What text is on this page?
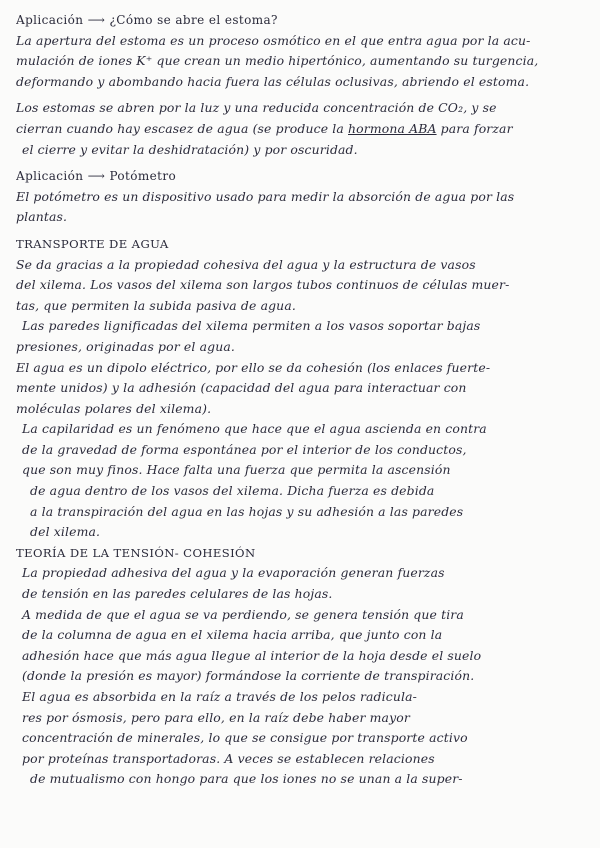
Aplicación ⟶ ¿Cómo se abre el estoma?
La apertura del estoma es un proceso osmótico en el que entra agua por la acu-
mulación de iones K⁺ que crean un medio hipertónico, aumentando su turgencia,
deformando y abombando hacia fuera las células oclusivas, abriendo el estoma.
Los estomas se abren por la luz y una reducida concentración de CO₂, y se
cierran cuando hay escasez de agua (se produce la hormona ABA para forzar
el cierre y evitar la deshidratación) y por oscuridad.
Aplicación ⟶ Potómetro
El potómetro es un dispositivo usado para medir la absorción de agua por las
plantas.
TRANSPORTE DE AGUA
Se da gracias a la propiedad cohesiva del agua y la estructura de vasos
del xilema. Los vasos del xilema son largos tubos continuos de células muer-
tas, que permiten la subida pasiva de agua.
Las paredes lignificadas del xilema permiten a los vasos soportar bajas
presiones, originadas por el agua.
El agua es un dipolo eléctrico, por ello se da cohesión (los enlaces fuerte-
mente unidos) y la adhesión (capacidad del agua para interactuar con
moléculas polares del xilema).
La capilaridad es un fenómeno que hace que el agua ascienda en contra
de la gravedad de forma espontánea por el interior de los conductos,
que son muy finos. Hace falta una fuerza que permita la ascensión
de agua dentro de los vasos del xilema. Dicha fuerza es debida
a la transpiración del agua en las hojas y su adhesión a las paredes
del xilema.
TEORÍA DE LA TENSIÓN- COHESIÓN
La propiedad adhesiva del agua y la evaporación generan fuerzas
de tensión en las paredes celulares de las hojas.
A medida de que el agua se va perdiendo, se genera tensión que tira
de la columna de agua en el xilema hacia arriba, que junto con la
adhesión hace que más agua llegue al interior de la hoja desde el suelo
(donde la presión es mayor) formándose la corriente de transpiración.
El agua es absorbida en la raíz a través de los pelos radicula-
res por ósmosis, pero para ello, en la raíz debe haber mayor
concentración de minerales, lo que se consigue por transporte activo
por proteínas transportadoras. A veces se establecen relaciones
de mutualismo con hongo para que los iones no se unan a la super-
